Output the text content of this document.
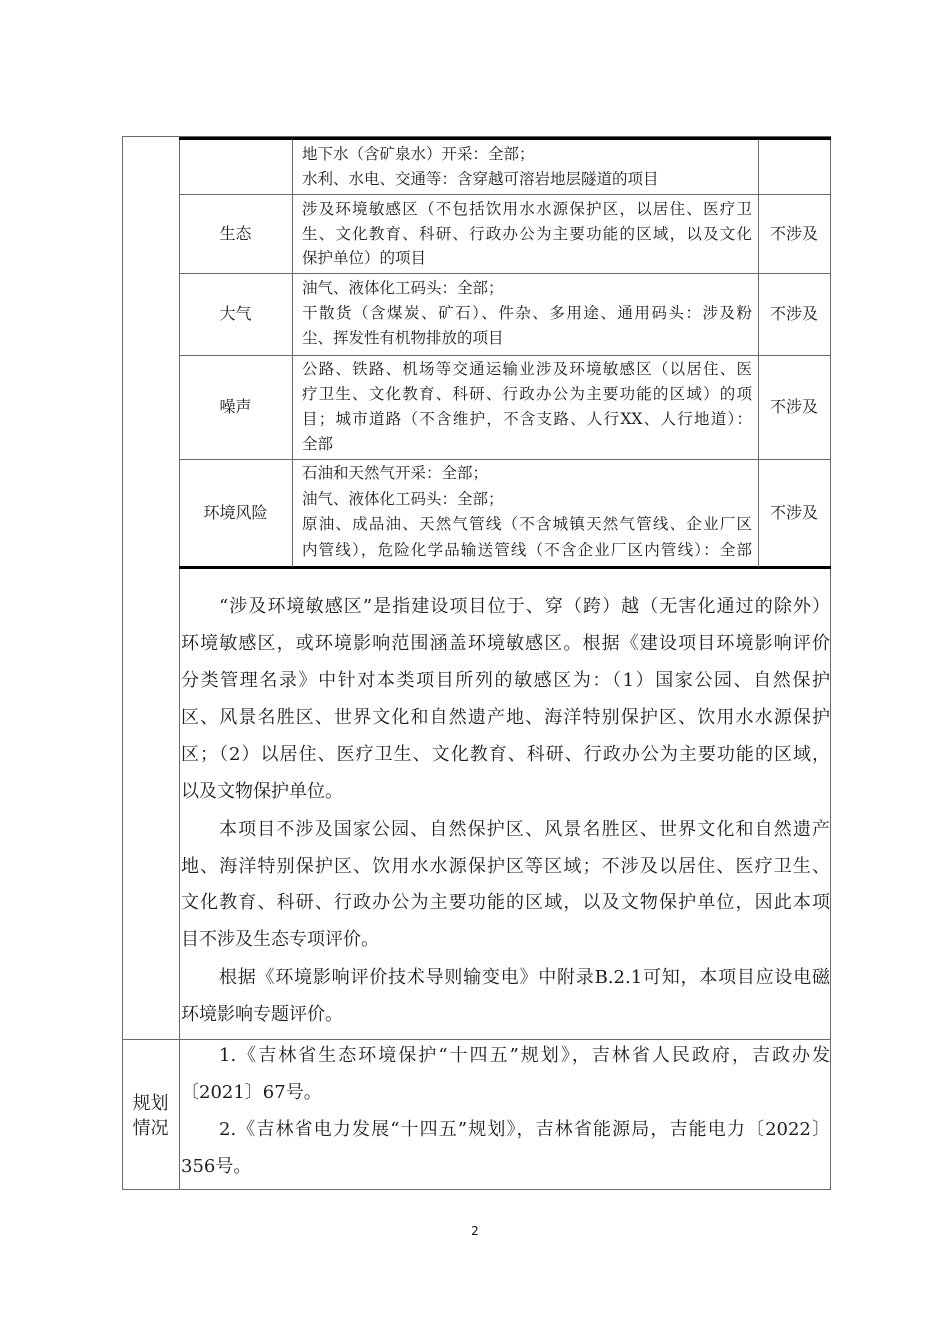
地下水（含矿泉水）开采：全部；
水利、水电、交通等：含穿越可溶岩地层隧道的项目
生态
涉及环境敏感区（不包括饮用水水源保护区，以居住、医疗卫
生、文化教育、科研、行政办公为主要功能的区域，以及文化
保护单位）的项目
不涉及
大气
油气、液体化工码头：全部；
干散货（含煤炭、矿石）、件杂、多用途、通用码头：涉及粉
尘、挥发性有机物排放的项目
不涉及
噪声
公路、铁路、机场等交通运输业涉及环境敏感区（以居住、医
疗卫生、文化教育、科研、行政办公为主要功能的区域）的项
目；城市道路（不含维护，不含支路、人行XX、人行地道）：
全部
不涉及
环境风险
石油和天然气开采：全部；
油气、液体化工码头：全部；
原油、成品油、天然气管线（不含城镇天然气管线、企业厂区
内管线），危险化学品输送管线（不含企业厂区内管线）：全部
不涉及
“涉及环境敏感区”是指建设项目位于、穿（跨）越（无害化通过的除外）
环境敏感区，或环境影响范围涵盖环境敏感区。根据《建设项目环境影响评价
分类管理名录》中针对本类项目所列的敏感区为：（1）国家公园、自然保护
区、风景名胜区、世界文化和自然遗产地、海洋特别保护区、饮用水水源保护
区；（2）以居住、医疗卫生、文化教育、科研、行政办公为主要功能的区域，
以及文物保护单位。
本项目不涉及国家公园、自然保护区、风景名胜区、世界文化和自然遗产
地、海洋特别保护区、饮用水水源保护区等区域；不涉及以居住、医疗卫生、
文化教育、科研、行政办公为主要功能的区域，以及文物保护单位，因此本项
目不涉及生态专项评价。
根据《环境影响评价技术导则输变电》中附录B.2.1可知，本项目应设电磁
环境影响专题评价。
规划
情况
1.《吉林省生态环境保护“十四五”规划》，吉林省人民政府，吉政办发
〔2021〕67号。
2.《吉林省电力发展“十四五”规划》，吉林省能源局，吉能电力〔2022〕
356号。
2
